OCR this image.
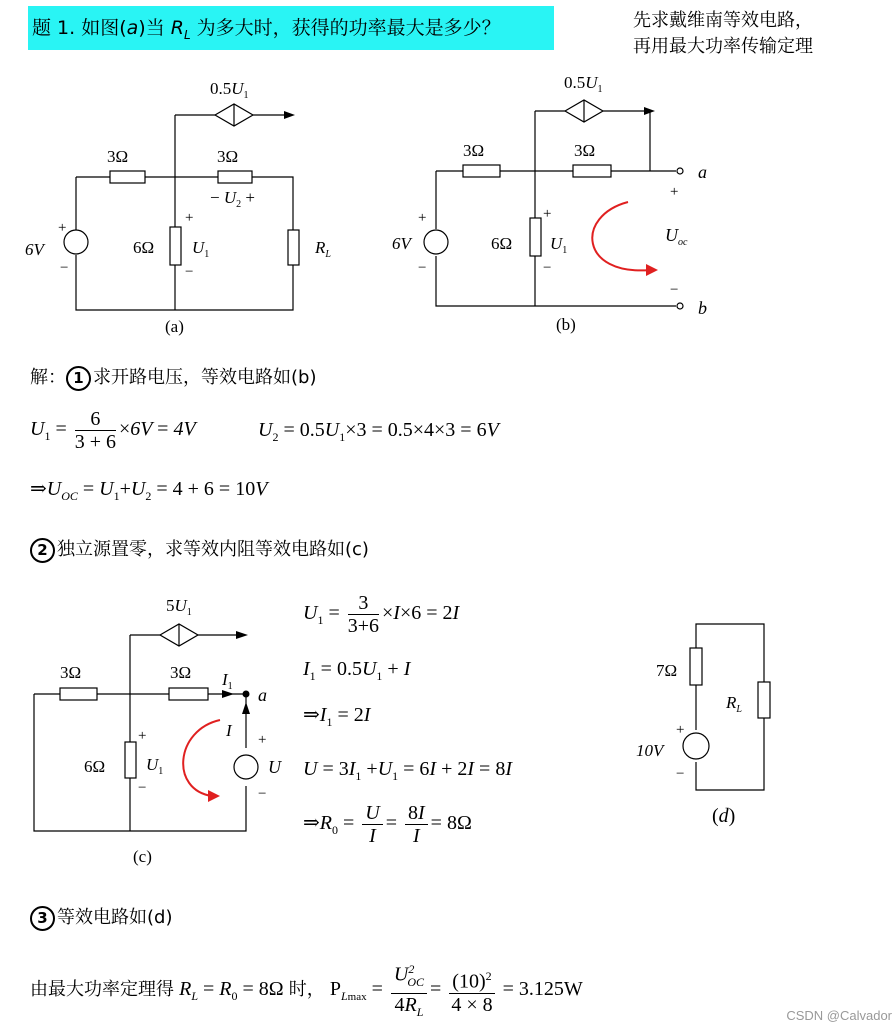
题 1. 如图(a)当 $R_L$ 为多大时，获得的功率最大是多少？	先求戴维南等效电路，
再用最大功率传输定理
$0.5U_1$
3Ω	3Ω
− $U_2$ +
+
6V
−
6Ω
+
$U_1$
−
$R_L$
(a)
$0.5U_1$
3Ω	3Ω
a
+
+
6V
−
6Ω
+
$U_1$
−
$U_{oc}$
−
b
(b)
解： 1 求开路电压，等效电路如(b)
$U_1 = \frac{6}{3 + 6} \times 6V = 4V$	$U_2 = 0.5U_1\times 3 = 0.5\times 4\times 3 = 6V$
$\Rightarrow U_{OC} = U_1+U_2 = 4 + 6 = 10V$
2 独立源置零，求等效内阻等效电路如(c)
$5U_1$
3Ω	3Ω $I_1$ a
I +
U
−
6Ω
+
$U_1$
−
(c)
$U_1 = \frac{3}{3+6} \times I\times 6 = 2I$
$I_1 = 0.5U_1 + I$
$\Rightarrow I_1 = 2I$
$U = 3I_1 +U_1 = 6I + 2I = 8I$
$\Rightarrow R_0 = \frac{U}{I} = \frac{8I}{I} = 8\Omega$
7Ω
$R_L$
+
10V
−
(d)
3 等效电路如(d)
由最大功率定理得 $R_L = R_0 = 8\Omega$ 时， $P_{Lmax} = \frac{U^2_{OC}}{4R_L} = \frac{(10)^2}{4 \times 8} = 3.125W$
CSDN @Calvador
